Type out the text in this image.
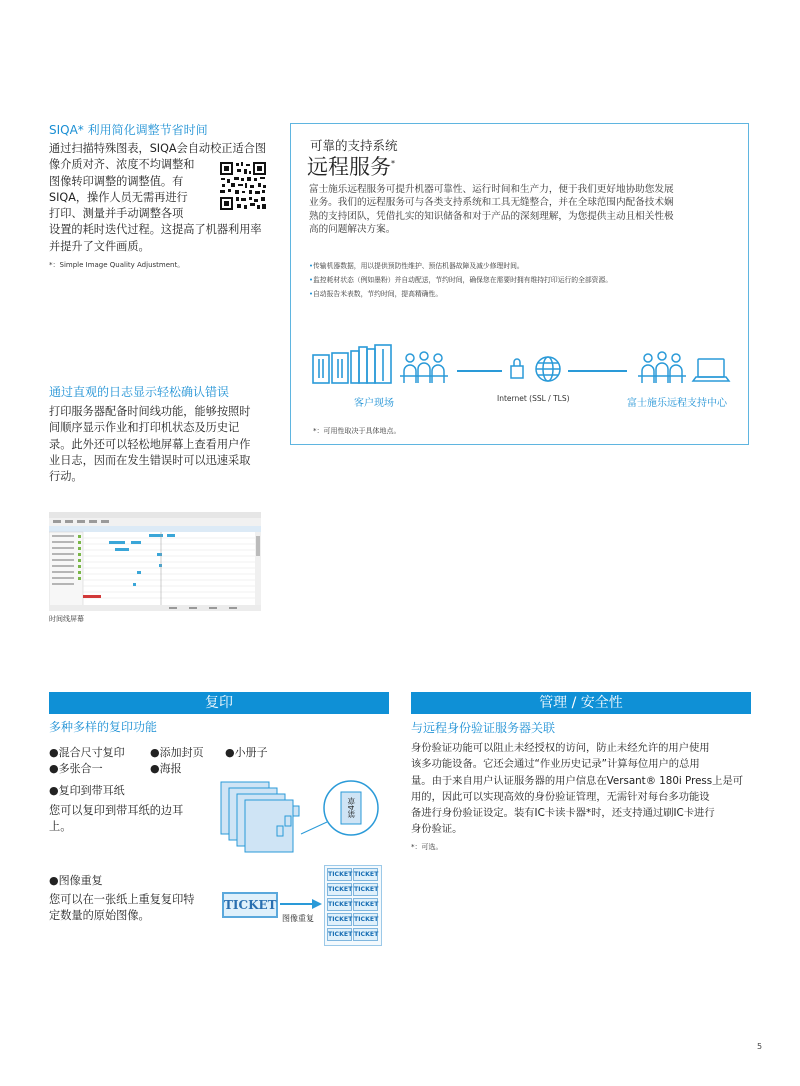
SIQA* 利用简化调整节省时间
通过扫描特殊图表，SIQA会自动校正适合图
像介质对齐、浓度不均调整和
图像转印调整的调整值。有
SIQA，操作人员无需再进行
打印、测量并手动调整各项
设置的耗时迭代过程。这提高了机器利用率
并提升了文件画质。
*：Simple Image Quality Adjustment。
可靠的支持系统
远程服务*
富士施乐远程服务可提升机器可靠性、运行时间和生产力，便于我们更好地协助您发展
业务。我们的远程服务可与各类支持系统和工具无缝整合，并在全球范围内配备技术娴
熟的支持团队，凭借扎实的知识储备和对于产品的深刻理解，为您提供主动且相关性极
高的问题解决方案。
•传输机器数据，用以提供预防性维护、预估机器故障及减少修理时间。
•监控耗材状态（例如墨粉）并自动配送，节约时间，确保您在需要时拥有维持打印运行的全部资源。
•自动报告米表数，节约时间，提高精确性。
客户现场	Internet (SSL / TLS)	富士施乐远程支持中心
*：可用性取决于具体地点。
通过直观的日志显示轻松确认错误
打印服务器配备时间线功能，能够按照时
间顺序显示作业和打印机状态及历史记
录。此外还可以轻松地屏幕上查看用户作
业日志，因而在发生错误时可以迅速采取
行动。
时间线屏幕
复印
多种多样的复印功能
●混合尺寸复印 ●添加封页 ●小册子
●多张合一	●海报
●复印到带耳纸
您可以复印到带耳纸的边耳
上。
第4章
●图像重复
您可以在一张纸上重复复印特
定数量的原始图像。
TICKET
图像重复
TICKET TICKET
TICKET TICKET
TICKET TICKET
TICKET TICKET
TICKET TICKET
管理 / 安全性
与远程身份验证服务器关联
身份验证功能可以阻止未经授权的访问，防止未经允许的用户使用
该多功能设备。它还会通过“作业历史记录”计算每位用户的总用
量。由于来自用户认证服务器的用户信息在Versant® 180i Press上是可
用的，因此可以实现高效的身份验证管理，无需针对每台多功能设
备进行身份验证设定。装有IC卡读卡器*时，还支持通过刷IC卡进行
身份验证。
*：可选。
5
